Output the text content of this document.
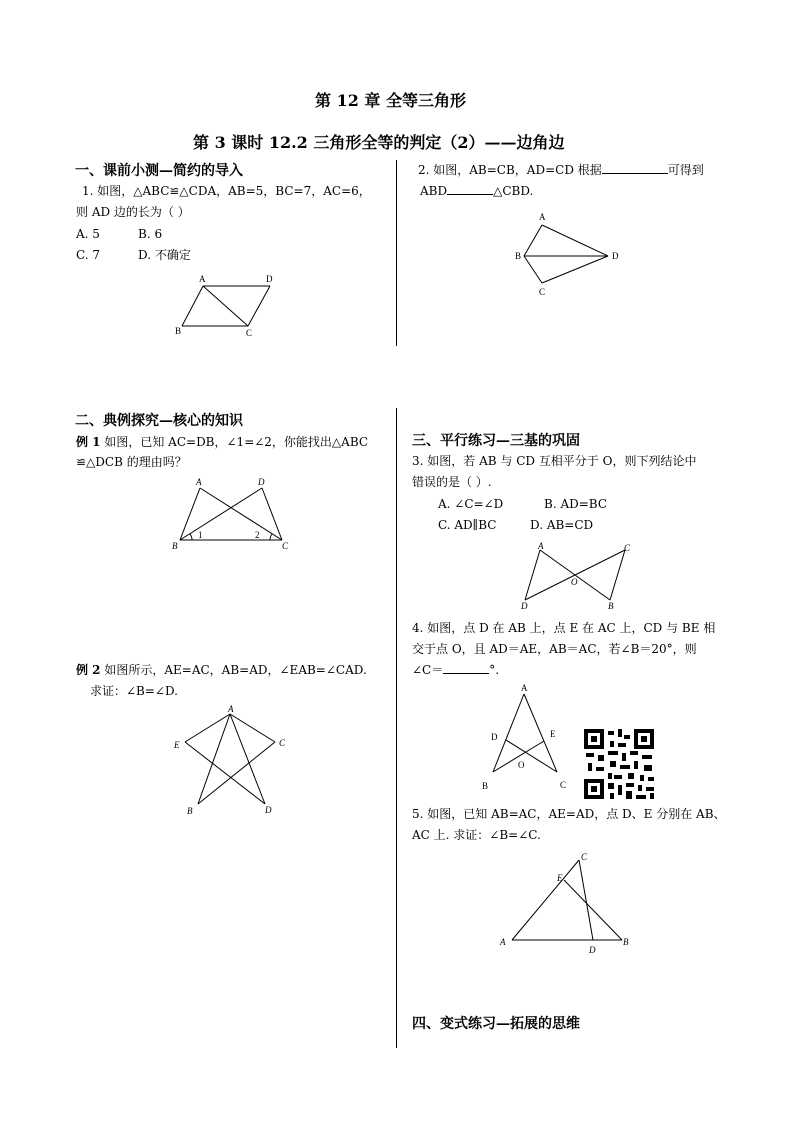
第 12 章 全等三角形
第 3 课时 12.2 三角形全等的判定（2）——边角边
一、课前小测—简约的导入
1. 如图，△ABC≌△CDA，AB=5，BC=7，AC=6，
则 AD 边的长为（ ）
A. 5	B. 6
C. 7	D. 不确定
A	D
B	C
2. 如图，AB=CB，AD=CD 根据	可得到
ABD	△CBD.
A
B
C
D
二、典例探究—核心的知识
例 1 如图，已知 AC=DB，∠1=∠2，你能找出△ABC
≌△DCB 的理由吗？
A	D
B	C
1	2
例 2 如图所示，AE=AC，AB=AD，∠EAB=∠CAD.
求证：∠B=∠D.
A
E	C
B	D
三、平行练习—三基的巩固
3. 如图，若 AB 与 CD 互相平分于 O，则下列结论中
错误的是（ ）.
A. ∠C=∠D	B. AD=BC
C. AD∥BC	D. AB=CD
A	C
O
D	B
4. 如图，点 D 在 AB 上，点 E 在 AC 上，CD 与 BE 相
交于点 O，且 AD＝AE，AB＝AC，若∠B＝20°，则
∠C＝	°.
A
D	E
O
B	C
5. 如图，已知 AB=AC，AE=AD，点 D、E 分别在 AB、
AC 上. 求证：∠B=∠C.
C
E
A
D
B
四、变式练习—拓展的思维
